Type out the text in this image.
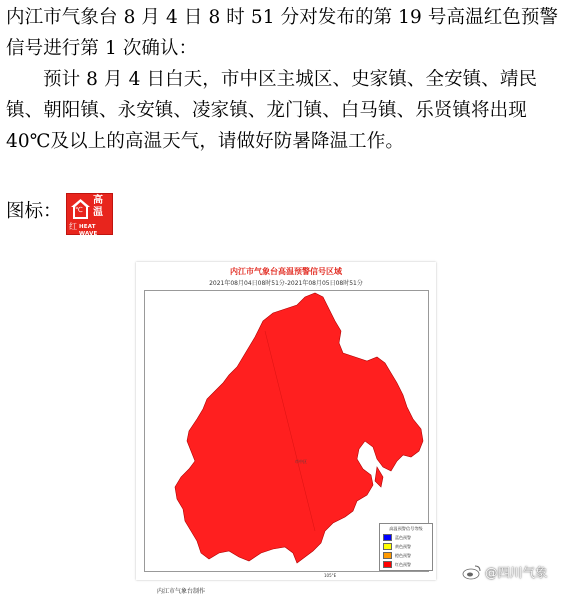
内江市气象台 8 月 4 日 8 时 51 分对发布的第 19 号高温红色预警信号进行第 1 次确认：
预计 8 月 4 日白天，市中区主城区、史家镇、全安镇、靖民镇、朝阳镇、永安镇、凌家镇、龙门镇、白马镇、乐贤镇将出现 40℃及以上的高温天气，请做好防暑降温工作。
图标： ℃
高
温
红 HEAT WAVE
内江市气象台高温预警信号区域
2021年08月04日08时51分-2021年08月05日08时51分
市中区
内江市气象台制作
高温预警信号等级
蓝色预警
黄色预警
橙色预警
红色预警
105°E	@四川气象
